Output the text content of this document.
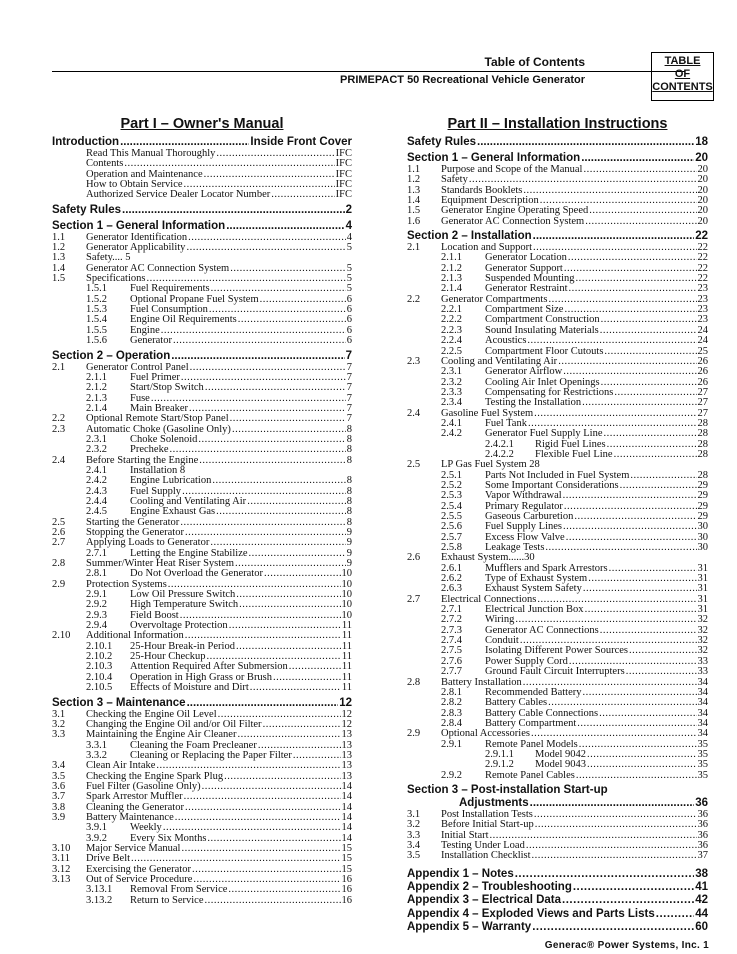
Table of Contents
PRIMEPACT 50 Recreational Vehicle Generator
TABLE
OF
CONTENTS
Part I – Owner's Manual
Introduction .....	Inside Front Cover
Read This Manual Thoroughly .....	IFC
Contents .....	IFC
Operation and Maintenance .....	IFC
How to Obtain Service .....	IFC
Authorized Service Dealer Locator Number .....	IFC
Safety Rules .....	2
Section 1 – General Information .....	4
1.1	Generator Identification .....	4
1.2	Generator Applicability .....	5
1.3	Safety.... 5
1.4	Generator AC Connection System .....	5
1.5	Specifications .....	5
1.5.1	Fuel Requirements .....	5
1.5.2	Optional Propane Fuel System .....	6
1.5.3	Fuel Consumption .....	6
1.5.4	Engine Oil Requirements .....	6
1.5.5	Engine .....	6
1.5.6	Generator .....	6
Section 2 – Operation .....	7
2.1	Generator Control Panel .....	7
2.1.1	Fuel Primer .....	7
2.1.2	Start/Stop Switch .....	7
2.1.3	Fuse .....	7
2.1.4	Main Breaker .....	7
2.2	Optional Remote Start/Stop Panel .....	7
2.3	Automatic Choke (Gasoline Only) .....	8
2.3.1	Choke Solenoid .....	8
2.3.2	Precheke .....	8
2.4	Before Starting the Engine .....	8
2.4.1	Installation 8
2.4.2	Engine Lubrication .....	8
2.4.3	Fuel Supply .....	8
2.4.4	Cooling and Ventilating Air .....	8
2.4.5	Engine Exhaust Gas .....	8
2.5	Starting the Generator .....	8
2.6	Stopping the Generator .....	9
2.7	Applying Loads to Generator .....	9
2.7.1	Letting the Engine Stabilize .....	9
2.8	Summer/Winter Heat Riser System .....	9
2.8.1	Do Not Overload the Generator .....	10
2.9	Protection Systems .....	10
2.9.1	Low Oil Pressure Switch .....	10
2.9.2	High Temperature Switch .....	10
2.9.3	Field Boost .....	10
2.9.4	Overvoltage Protection .....	11
2.10	Additional Information .....	11
2.10.1	25-Hour Break-in Period .....	11
2.10.2	25-Hour Checkup .....	11
2.10.3	Attention Required After Submersion .....	11
2.10.4	Operation in High Grass or Brush .....	11
2.10.5	Effects of Moisture and Dirt .....	11
Section 3 – Maintenance .....	12
3.1	Checking the Engine Oil Level .....	12
3.2	Changing the Engine Oil and/or Oil Filter .....	12
3.3	Maintaining the Engine Air Cleaner .....	13
3.3.1	Cleaning the Foam Precleaner .....	13
3.3.2	Cleaning or Replacing the Paper Filter .....	13
3.4	Clean Air Intake .....	13
3.5	Checking the Engine Spark Plug .....	13
3.6	Fuel Filter (Gasoline Only) .....	14
3.7	Spark Arrestor Muffler .....	14
3.8	Cleaning the Generator .....	14
3.9	Battery Maintenance .....	14
3.9.1	Weekly .....	14
3.9.2	Every Six Months .....	14
3.10	Major Service Manual .....	15
3.11	Drive Belt .....	15
3.12	Exercising the Generator .....	15
3.13	Out of Service Procedure .....	16
3.13.1	Removal From Service .....	16
3.13.2	Return to Service .....	16
Part II – Installation Instructions
Safety Rules .....	18
Section 1 – General Information .....	20
1.1	Purpose and Scope of the Manual .....	20
1.2	Safety .....	20
1.3	Standards Booklets .....	20
1.4	Equipment Description .....	20
1.5	Generator Engine Operating Speed .....	20
1.6	Generator AC Connection System .....	20
Section 2 – Installation .....	22
2.1	Location and Support .....	22
2.1.1	Generator Location .....	22
2.1.2	Generator Support .....	22
2.1.3	Suspended Mounting .....	22
2.1.4	Generator Restraint .....	23
2.2	Generator Compartments .....	23
2.2.1	Compartment Size .....	23
2.2.2	Compartment Construction .....	23
2.2.3	Sound Insulating Materials .....	24
2.2.4	Acoustics .....	24
2.2.5	Compartment Floor Cutouts .....	25
2.3	Cooling and Ventilating Air .....	26
2.3.1	Generator Airflow .....	26
2.3.2	Cooling Air Inlet Openings .....	26
2.3.3	Compensating for Restrictions .....	27
2.3.4	Testing the Installation .....	27
2.4	Gasoline Fuel System .....	27
2.4.1	Fuel Tank .....	28
2.4.2	Generator Fuel Supply Line .....	28
2.4.2.1	Rigid Fuel Lines .....	28
2.4.2.2	Flexible Fuel Line .....	28
2.5	LP Gas Fuel System 28
2.5.1	Parts Not Included in Fuel System .....	28
2.5.2	Some Important Considerations .....	29
2.5.3	Vapor Withdrawal .....	29
2.5.4	Primary Regulator .....	29
2.5.5	Gaseous Carburetion .....	29
2.5.6	Fuel Supply Lines .....	30
2.5.7	Excess Flow Valve .....	30
2.5.8	Leakage Tests .....	30
2.6	Exhaust System......30
2.6.1	Mufflers and Spark Arrestors .....	31
2.6.2	Type of Exhaust System .....	31
2.6.3	Exhaust System Safety .....	31
2.7	Electrical Connections .....	31
2.7.1	Electrical Junction Box .....	31
2.7.2	Wiring .....	32
2.7.3	Generator AC Connections .....	32
2.7.4	Conduit .....	32
2.7.5	Isolating Different Power Sources .....	32
2.7.6	Power Supply Cord .....	33
2.7.7	Ground Fault Circuit Interrupters .....	33
2.8	Battery Installation .....	34
2.8.1	Recommended Battery .....	34
2.8.2	Battery Cables .....	34
2.8.3	Battery Cable Connections .....	34
2.8.4	Battery Compartment .....	34
2.9	Optional Accessories .....	34
2.9.1	Remote Panel Models .....	35
2.9.1.1	Model 9042 .....	35
2.9.1.2	Model 9043 .....	35
2.9.2	Remote Panel Cables .....	35
Section 3 – Post-installation Start-up
Adjustments .....	36
3.1	Post Installation Tests .....	36
3.2	Before Initial Start-up .....	36
3.3	Initial Start .....	36
3.4	Testing Under Load .....	36
3.5	Installation Checklist .....	37
Appendix 1 – Notes .....	38
Appendix 2 – Troubleshooting .....	41
Appendix 3 – Electrical Data .....	42
Appendix 4 – Exploded Views and Parts Lists .....	44
Appendix 5 – Warranty .....	60
Generac® Power Systems, Inc. 1
